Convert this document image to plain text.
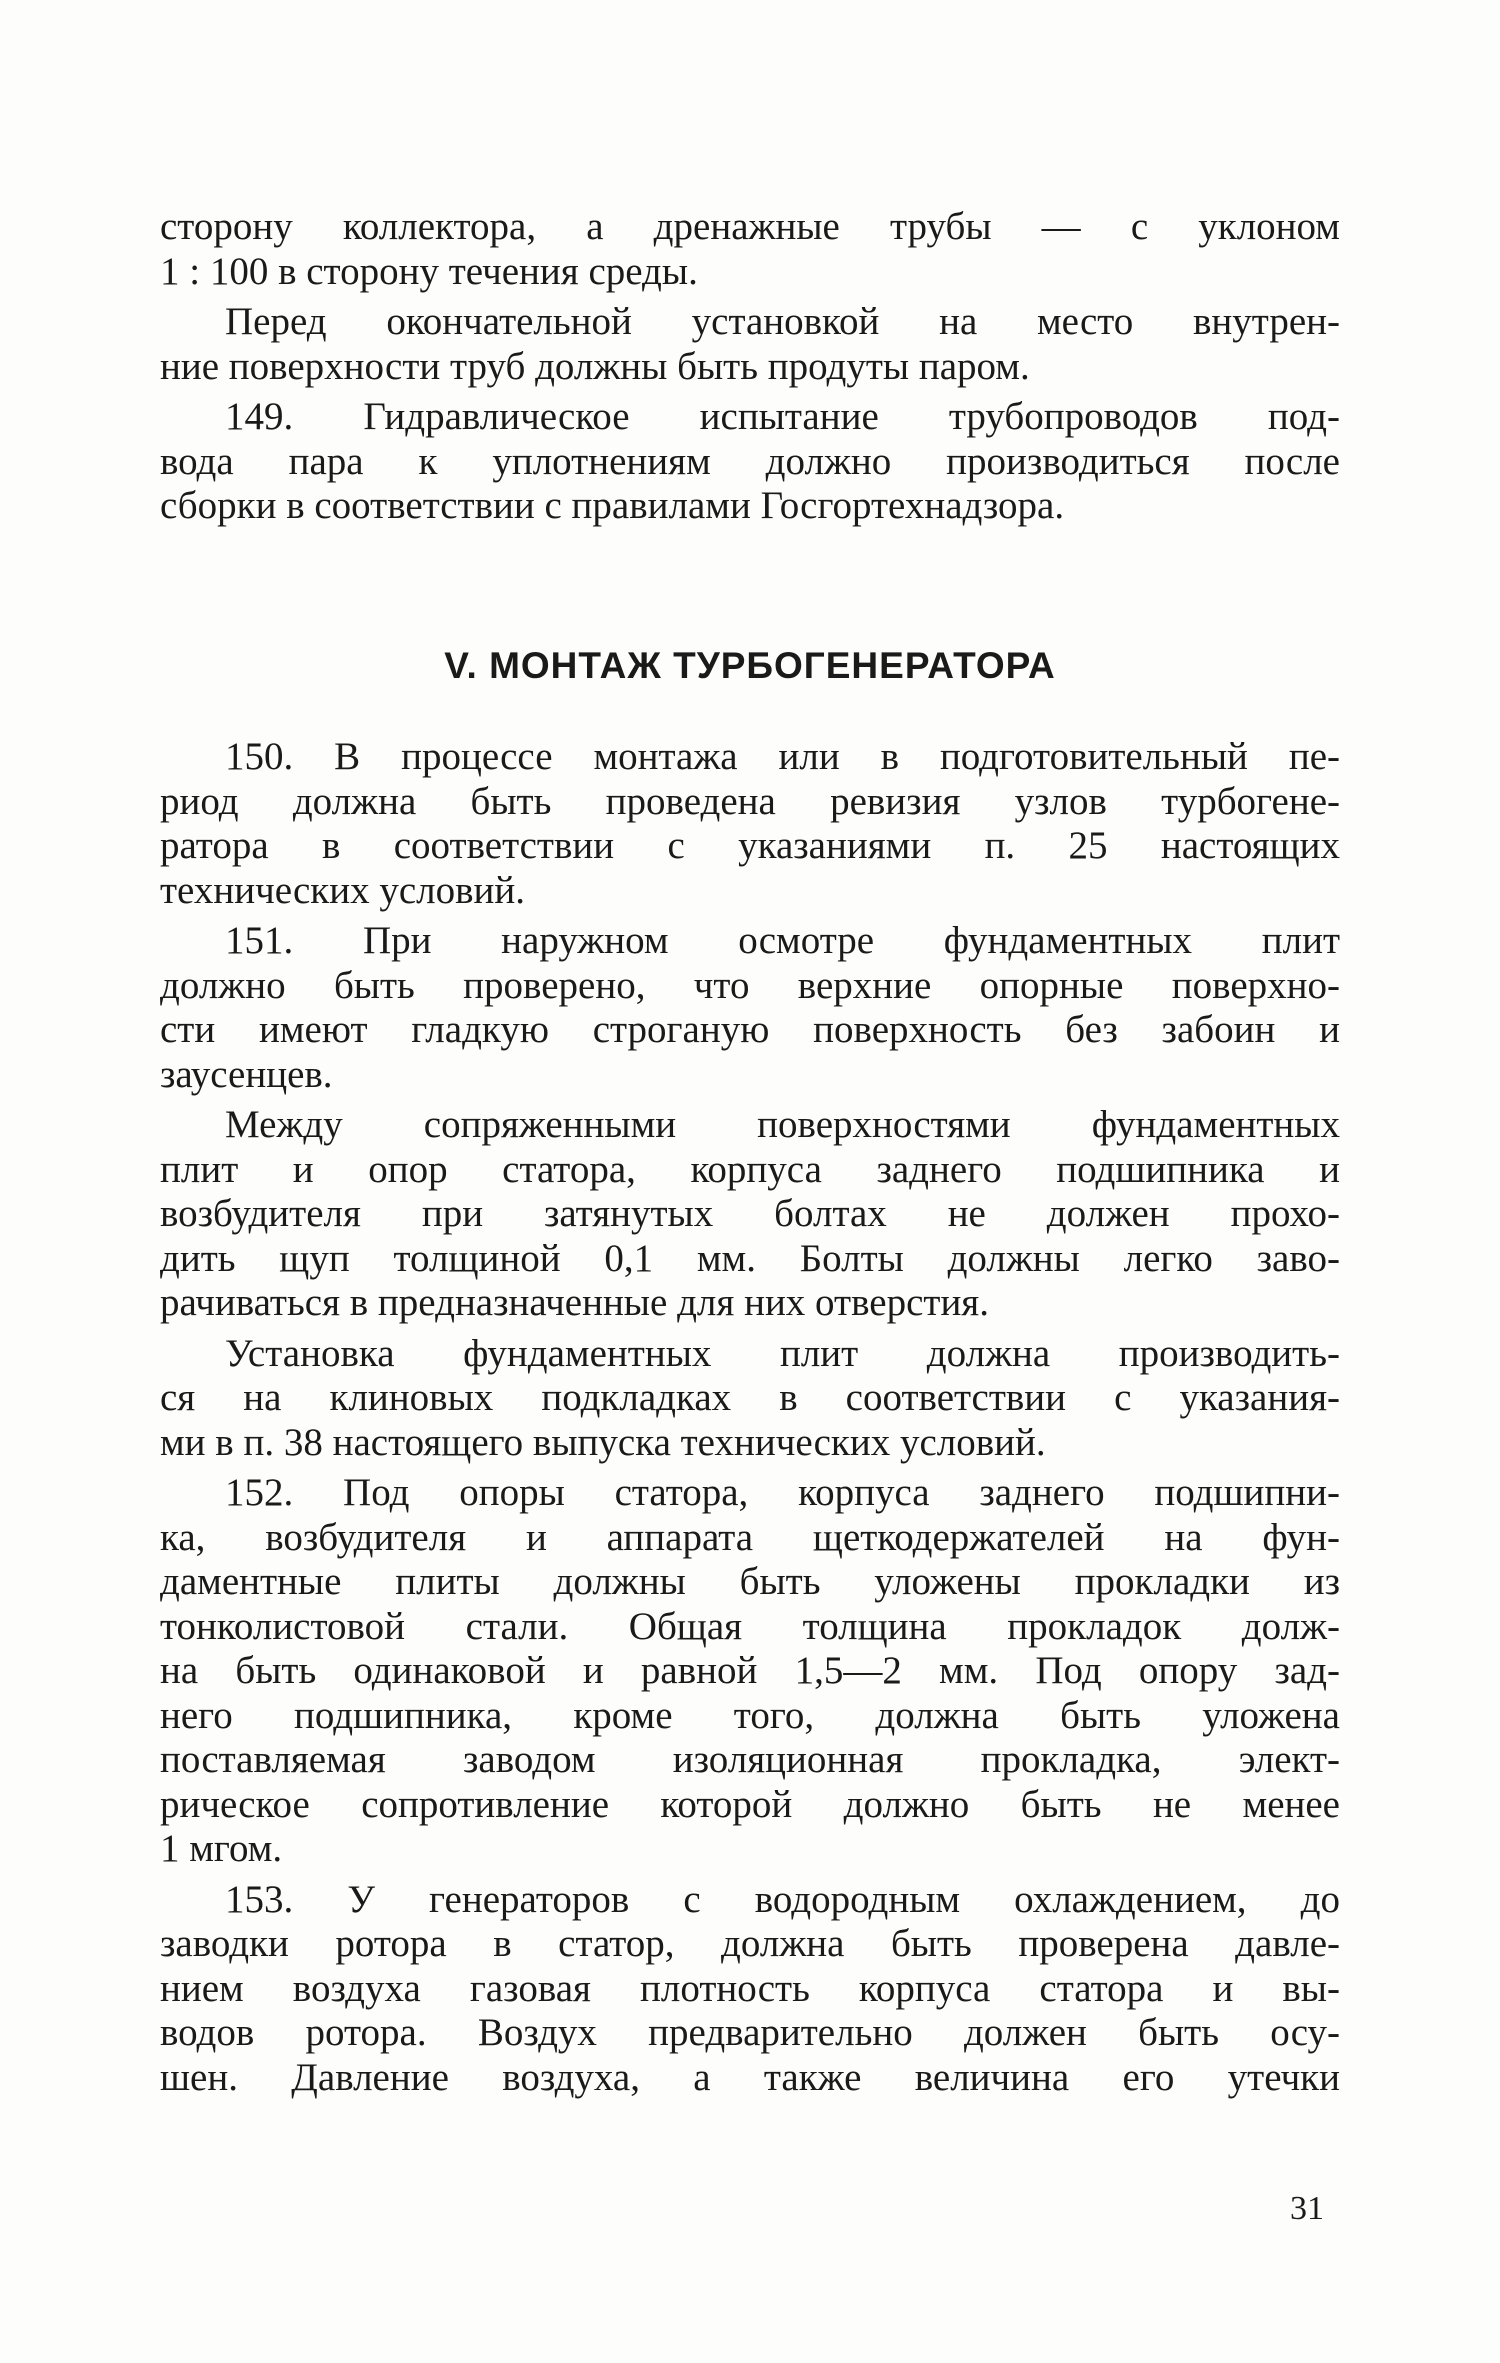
сторону коллектора, а дренажные трубы — с уклоном
1 : 100 в сторону течения среды.

Перед окончательной установкой на место внутрен-
ние поверхности труб должны быть продуты паром.

149. Гидравлическое испытание трубопроводов под-
вода пара к уплотнениям должно производиться после
сборки в соответствии с правилами Госгортехнадзора.

V. МОНТАЖ ТУРБОГЕНЕРАТОРА

150. В процессе монтажа или в подготовительный пе-
риод должна быть проведена ревизия узлов турбогене-
ратора в соответствии с указаниями п. 25 настоящих
технических условий.

151. При наружном осмотре фундаментных плит
должно быть проверено, что верхние опорные поверхно-
сти имеют гладкую строганую поверхность без забоин и
заусенцев.

Между сопряженными поверхностями фундаментных
плит и опор статора, корпуса заднего подшипника и
возбудителя при затянутых болтах не должен прохо-
дить щуп толщиной 0,1 мм. Болты должны легко заво-
рачиваться в предназначенные для них отверстия.

Установка фундаментных плит должна производить-
ся на клиновых подкладках в соответствии с указания-
ми в п. 38 настоящего выпуска технических условий.

152. Под опоры статора, корпуса заднего подшипни-
ка, возбудителя и аппарата щеткодержателей на фун-
даментные плиты должны быть уложены прокладки из
тонколистовой стали. Общая толщина прокладок долж-
на быть одинаковой и равной 1,5—2 мм. Под опору зад-
него подшипника, кроме того, должна быть уложена
поставляемая заводом изоляционная прокладка, элект-
рическое сопротивление которой должно быть не менее
1 мгом.

153. У генераторов с водородным охлаждением, до
заводки ротора в статор, должна быть проверена давле-
нием воздуха газовая плотность корпуса статора и вы-
водов ротора. Воздух предварительно должен быть осу-
шен. Давление воздуха, а также величина его утечки

31
